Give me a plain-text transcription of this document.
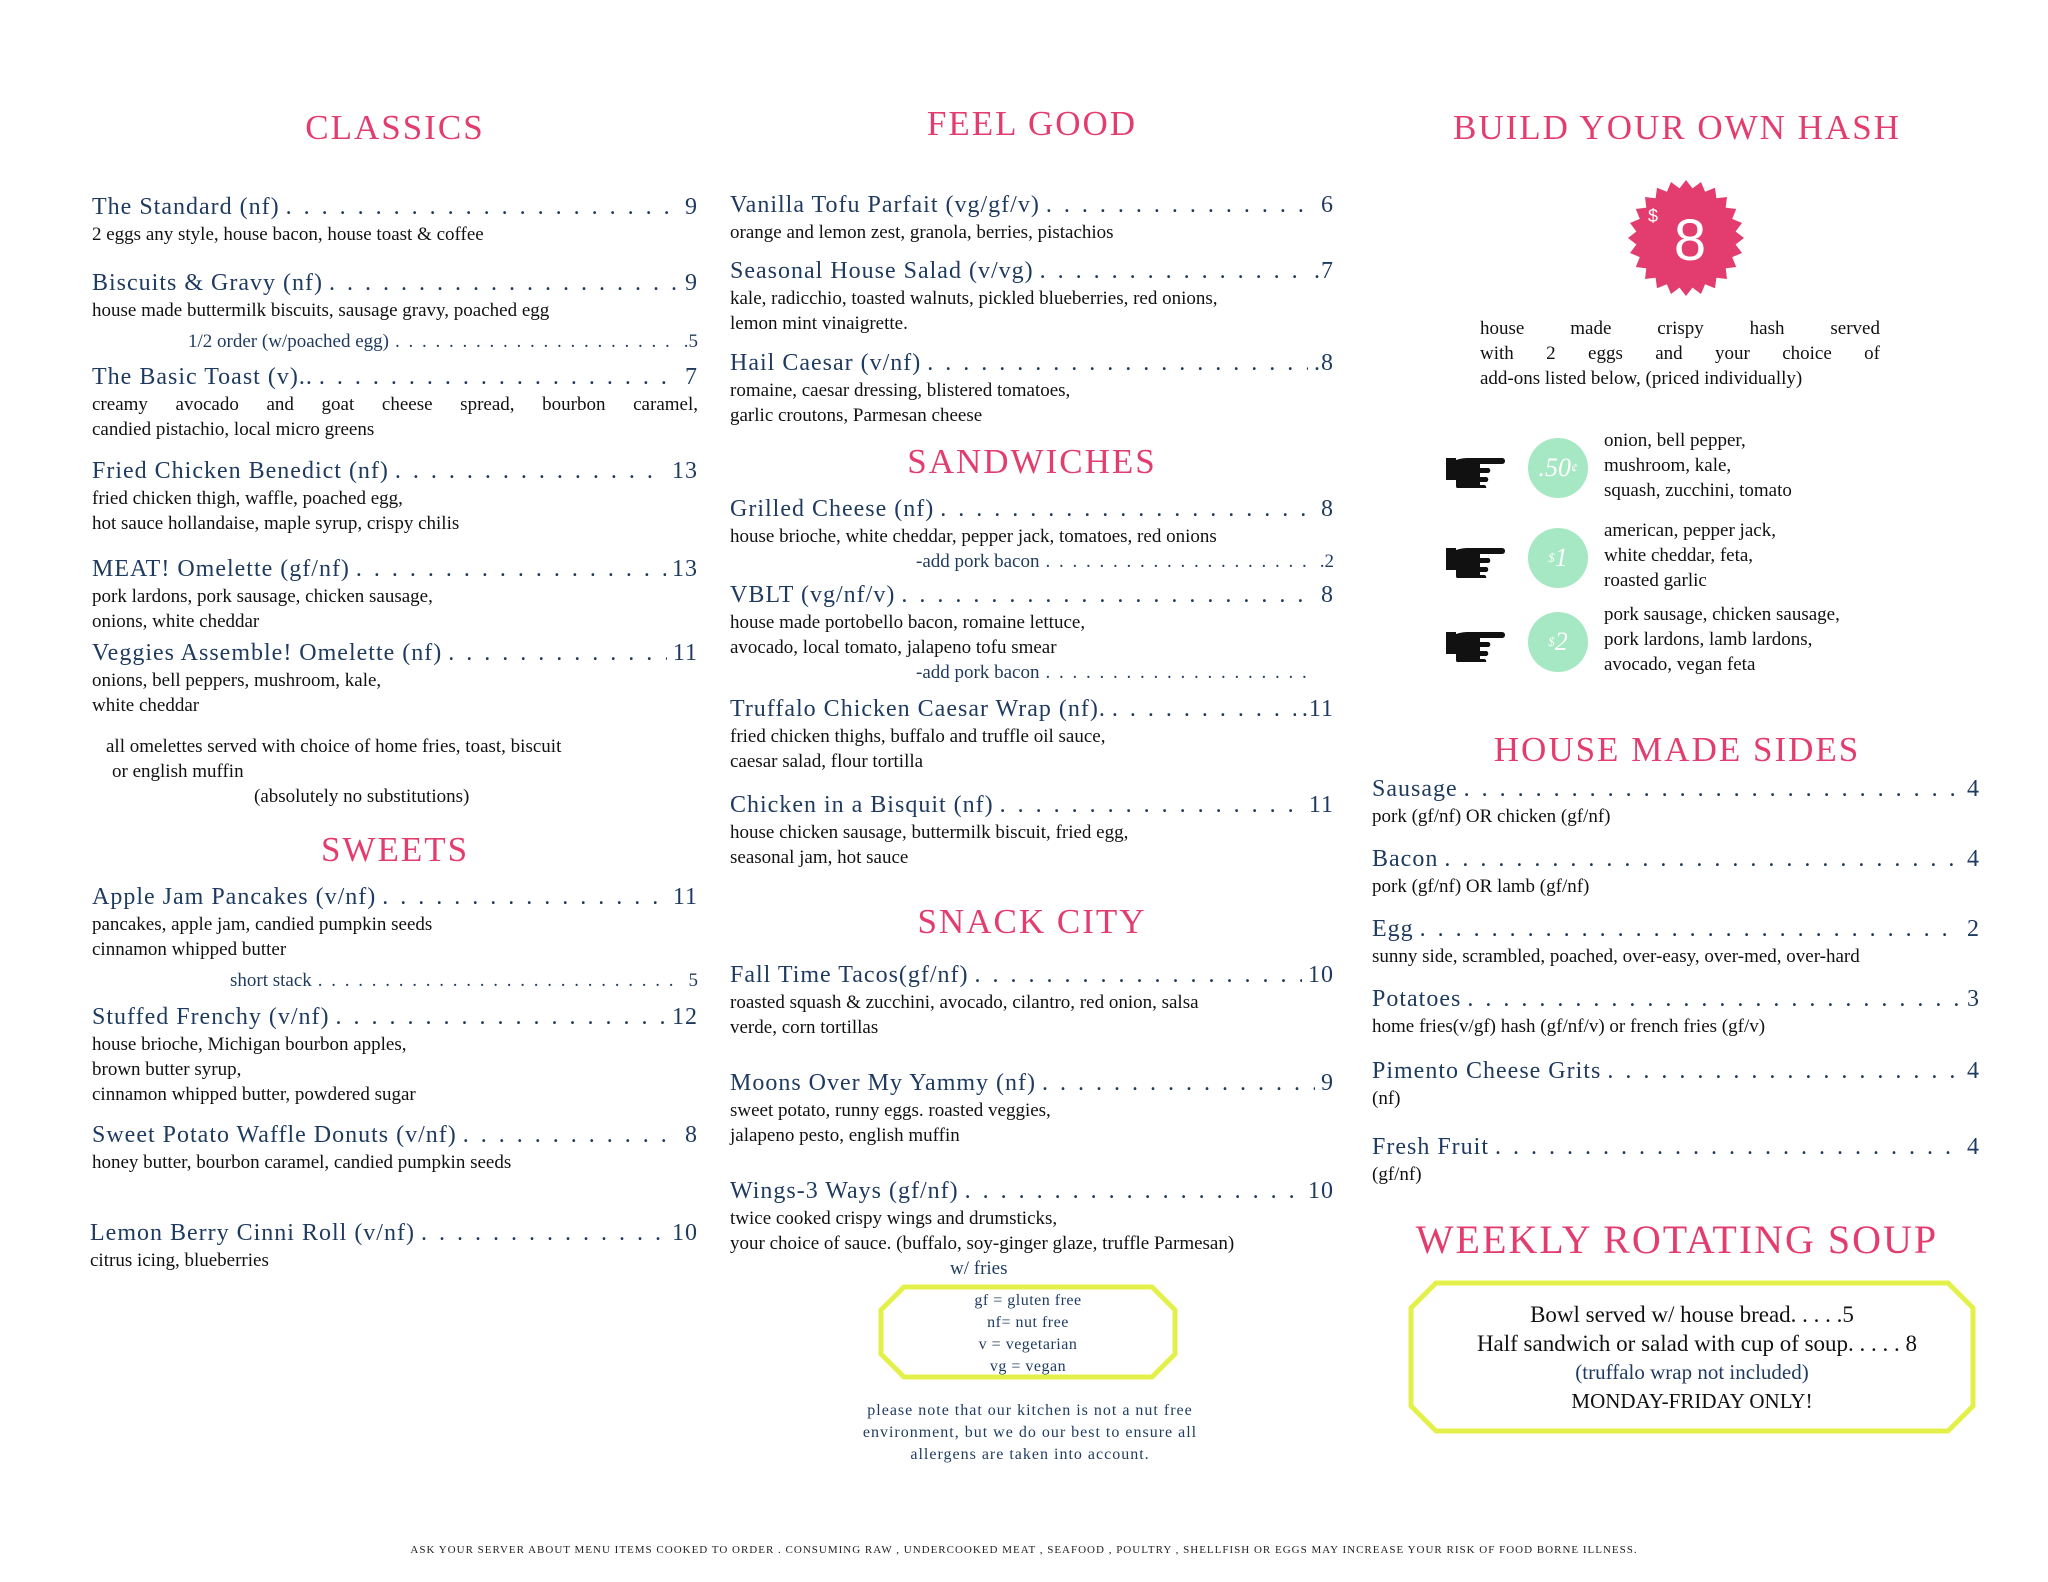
CLASSICS
The Standard (nf) . . .	9
2 eggs any style, house bacon, house toast & coffee
Biscuits & Gravy (nf) . . .	9
house made buttermilk biscuits, sausage gravy, poached egg
1/2 order (w/poached egg) . . .	.5
The Basic Toast (v).. . . .	7
creamy avocado and goat cheese spread, bourbon caramel,
candied pistachio, local micro greens
Fried Chicken Benedict (nf) . . .	13
fried chicken thigh, waffle, poached egg,
hot sauce hollandaise, maple syrup, crispy chilis
MEAT! Omelette (gf/nf) . . .	13
pork lardons, pork sausage, chicken sausage,
onions, white cheddar
Veggies Assemble! Omelette (nf) . . .	11
onions, bell peppers, mushroom, kale,
white cheddar
all omelettes served with choice of home fries, toast, biscuit
or english muffin
(absolutely no substitutions)
SWEETS
Apple Jam Pancakes (v/nf) . . .	11
pancakes, apple jam, candied pumpkin seeds
cinnamon whipped butter
short stack . . .	5
Stuffed Frenchy (v/nf) . . .	12
house brioche, Michigan bourbon apples,
brown butter syrup,
cinnamon whipped butter, powdered sugar
Sweet Potato Waffle Donuts (v/nf) . . .	8
honey butter, bourbon caramel, candied pumpkin seeds
Lemon Berry Cinni Roll (v/nf) . . .	10
citrus icing, blueberries
FEEL GOOD
Vanilla Tofu Parfait (vg/gf/v) . . .	6
orange and lemon zest, granola, berries, pistachios
Seasonal House Salad (v/vg) . . .	.7
kale, radicchio, toasted walnuts, pickled blueberries, red onions,
lemon mint vinaigrette.
Hail Caesar (v/nf) . . .	.8
romaine, caesar dressing, blistered tomatoes,
garlic croutons, Parmesan cheese
SANDWICHES
Grilled Cheese (nf) . . .	8
house brioche, white cheddar, pepper jack, tomatoes, red onions
-add pork bacon . . .	.2
VBLT (vg/nf/v) . . .	8
house made portobello bacon, romaine lettuce,
avocado, local tomato, jalapeno tofu smear
-add pork bacon
. . .
Truffalo Chicken Caesar Wrap (nf). . . .	.11
fried chicken thighs, buffalo and truffle oil sauce,
caesar salad, flour tortilla
Chicken in a Bisquit (nf) . . .	11
house chicken sausage, buttermilk biscuit, fried egg,
seasonal jam, hot sauce
SNACK CITY
Fall Time Tacos(gf/nf) . . .	10
roasted squash & zucchini, avocado, cilantro, red onion, salsa
verde, corn tortillas
Moons Over My Yammy (nf) . . .	9
sweet potato, runny eggs. roasted veggies,
jalapeno pesto, english muffin
Wings-3 Ways (gf/nf) . . .	10
twice cooked crispy wings and drumsticks,
your choice of sauce. (buffalo, soy-ginger glaze, truffle Parmesan)
w/ fries
gf = gluten free
nf= nut free
v = vegetarian
vg = vegan
please note that our kitchen is not a nut free
environment, but we do our best to ensure all
allergens are taken into account.
BUILD YOUR OWN HASH
$ 8
house made crispy hash served
with 2 eggs and your choice of
add-ons listed below, (priced individually)
.50 ¢
onion, bell pepper,
mushroom, kale,
squash, zucchini, tomato
$ 1
american, pepper jack,
white cheddar, feta,
roasted garlic
$ 2
pork sausage, chicken sausage,
pork lardons, lamb lardons,
avocado, vegan feta
HOUSE MADE SIDES
Sausage . . .	4
pork (gf/nf) OR chicken (gf/nf)
Bacon . . .	4
pork (gf/nf) OR lamb (gf/nf)
Egg . . .	2
sunny side, scrambled, poached, over-easy, over-med, over-hard
Potatoes . . .	3
home fries(v/gf) hash (gf/nf/v) or french fries (gf/v)
Pimento Cheese Grits . . .	4
(nf)
Fresh Fruit . . .	4
(gf/nf)
WEEKLY ROTATING SOUP
Bowl served w/ house bread. . . . .5
Half sandwich or salad with cup of soup. . . . . 8
(truffalo wrap not included)
MONDAY-FRIDAY ONLY!
ASK YOUR SERVER ABOUT MENU ITEMS COOKED TO ORDER . CONSUMING RAW , UNDERCOOKED MEAT , SEAFOOD , POULTRY , SHELLFISH OR EGGS MAY INCREASE YOUR RISK OF FOOD BORNE ILLNESS.
